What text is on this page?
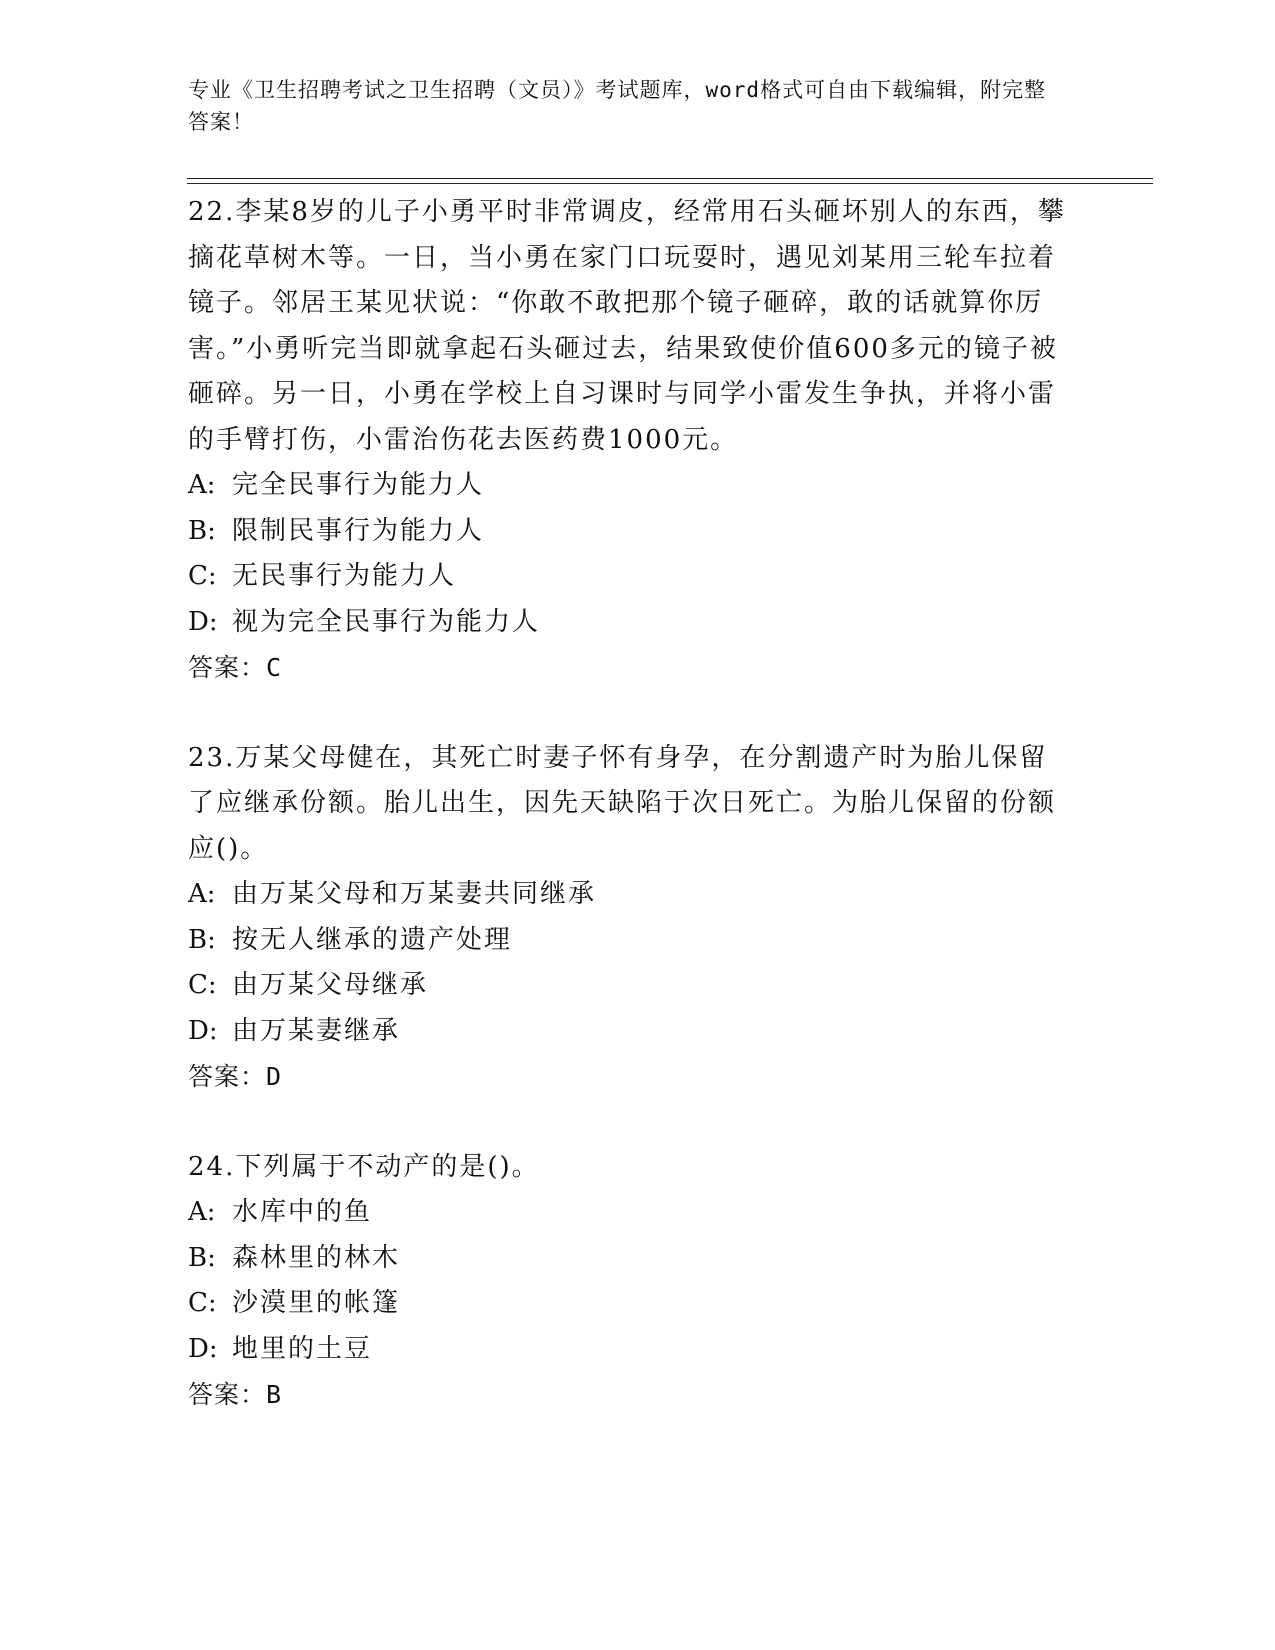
专业《卫生招聘考试之卫生招聘（文员）》考试题库，word格式可自由下载编辑，附完整答案！

22.李某8岁的儿子小勇平时非常调皮，经常用石头砸坏别人的东西，攀摘花草树木等。一日，当小勇在家门口玩耍时，遇见刘某用三轮车拉着镜子。邻居王某见状说：“你敢不敢把那个镜子砸碎，敢的话就算你厉害。”小勇听完当即就拿起石头砸过去，结果致使价值600多元的镜子被砸碎。另一日，小勇在学校上自习课时与同学小雷发生争执，并将小雷的手臂打伤，小雷治伤花去医药费1000元。

A: 完全民事行为能力人

B: 限制民事行为能力人

C: 无民事行为能力人

D: 视为完全民事行为能力人

答案：C

23.万某父母健在，其死亡时妻子怀有身孕，在分割遗产时为胎儿保留了应继承份额。胎儿出生，因先天缺陷于次日死亡。为胎儿保留的份额应()。

A: 由万某父母和万某妻共同继承

B: 按无人继承的遗产处理

C: 由万某父母继承

D: 由万某妻继承

答案：D

24.下列属于不动产的是()。

A: 水库中的鱼

B: 森林里的林木

C: 沙漠里的帐篷

D: 地里的土豆

答案：B
